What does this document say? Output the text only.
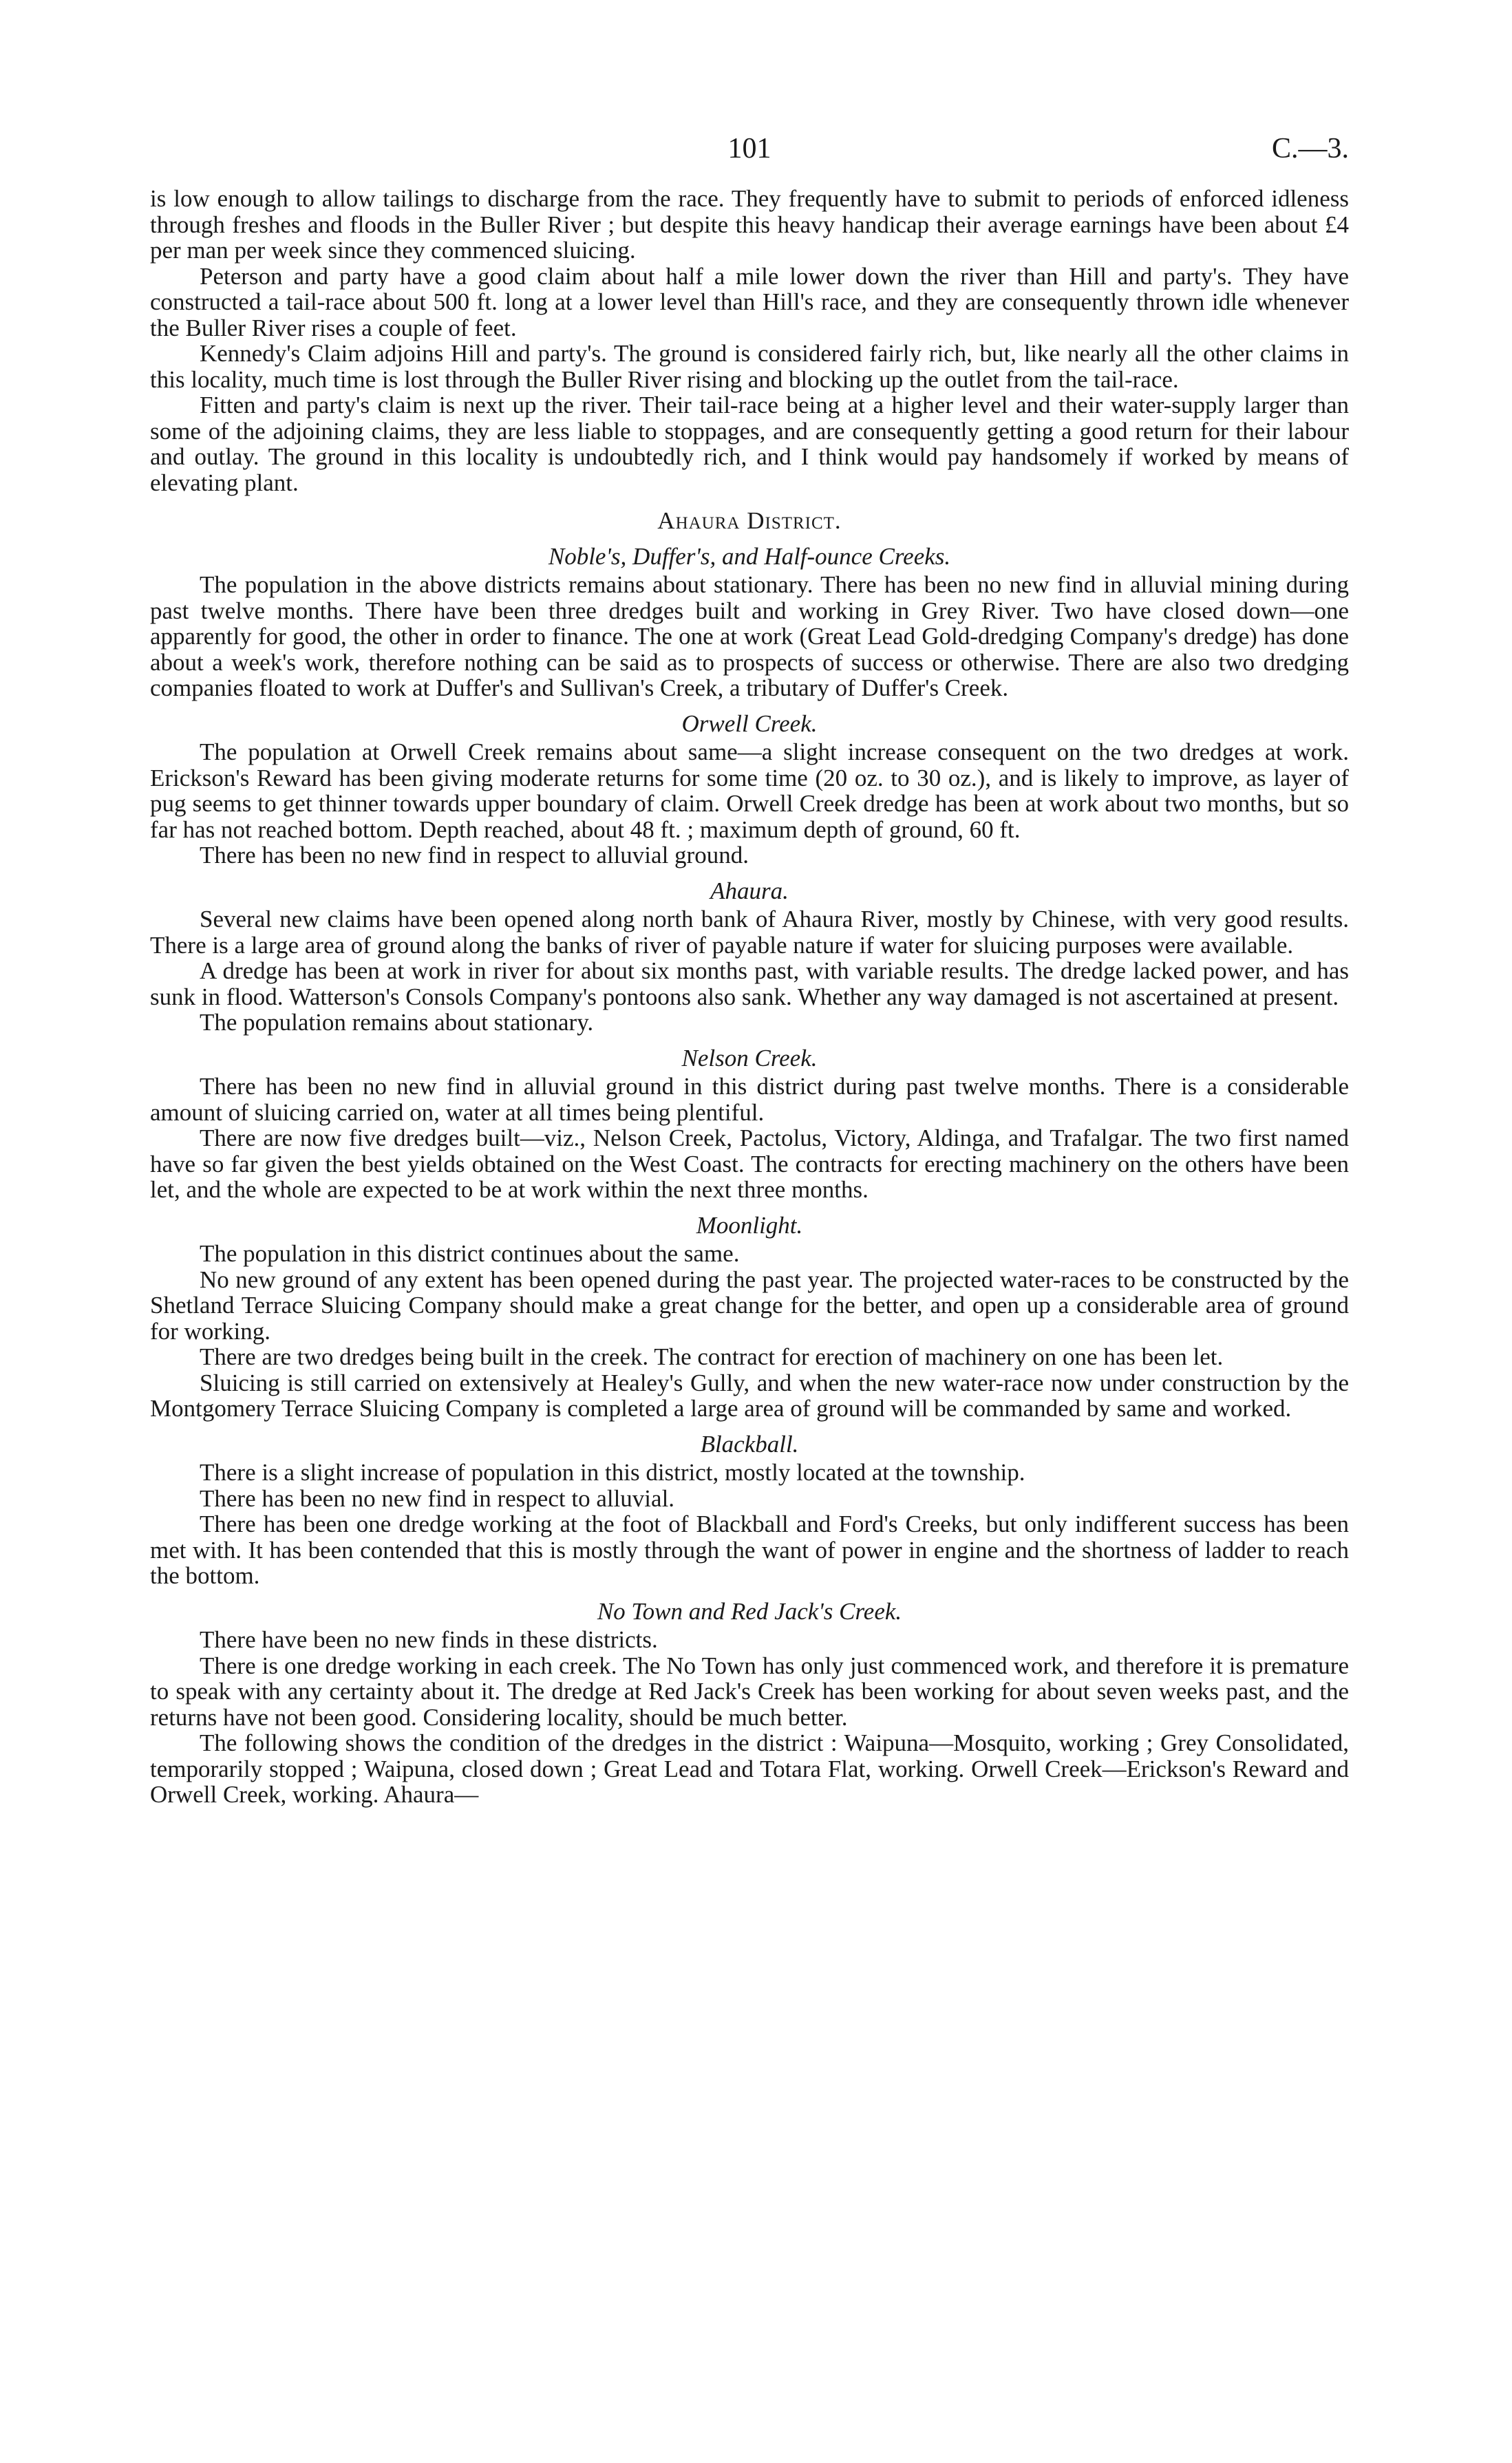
101	C.—3.

is low enough to allow tailings to discharge from the race. They frequently have to submit to periods of enforced idleness through freshes and floods in the Buller River ; but despite this heavy handicap their average earnings have been about £4 per man per week since they commenced sluicing.

Peterson and party have a good claim about half a mile lower down the river than Hill and party's. They have constructed a tail-race about 500 ft. long at a lower level than Hill's race, and they are consequently thrown idle whenever the Buller River rises a couple of feet.

Kennedy's Claim adjoins Hill and party's. The ground is considered fairly rich, but, like nearly all the other claims in this locality, much time is lost through the Buller River rising and blocking up the outlet from the tail-race.

Fitten and party's claim is next up the river. Their tail-race being at a higher level and their water-supply larger than some of the adjoining claims, they are less liable to stoppages, and are consequently getting a good return for their labour and outlay. The ground in this locality is undoubtedly rich, and I think would pay handsomely if worked by means of elevating plant.

Ahaura District.
Noble's, Duffer's, and Half-ounce Creeks.

The population in the above districts remains about stationary. There has been no new find in alluvial mining during past twelve months. There have been three dredges built and working in Grey River. Two have closed down—one apparently for good, the other in order to finance. The one at work (Great Lead Gold-dredging Company's dredge) has done about a week's work, therefore nothing can be said as to prospects of success or otherwise. There are also two dredging companies floated to work at Duffer's and Sullivan's Creek, a tributary of Duffer's Creek.

Orwell Creek.

The population at Orwell Creek remains about same—a slight increase consequent on the two dredges at work. Erickson's Reward has been giving moderate returns for some time (20 oz. to 30 oz.), and is likely to improve, as layer of pug seems to get thinner towards upper boundary of claim. Orwell Creek dredge has been at work about two months, but so far has not reached bottom. Depth reached, about 48 ft. ; maximum depth of ground, 60 ft.

There has been no new find in respect to alluvial ground.

Ahaura.

Several new claims have been opened along north bank of Ahaura River, mostly by Chinese, with very good results. There is a large area of ground along the banks of river of payable nature if water for sluicing purposes were available.

A dredge has been at work in river for about six months past, with variable results. The dredge lacked power, and has sunk in flood. Watterson's Consols Company's pontoons also sank. Whether any way damaged is not ascertained at present.

The population remains about stationary.

Nelson Creek.

There has been no new find in alluvial ground in this district during past twelve months. There is a considerable amount of sluicing carried on, water at all times being plentiful.

There are now five dredges built—viz., Nelson Creek, Pactolus, Victory, Aldinga, and Trafalgar. The two first named have so far given the best yields obtained on the West Coast. The contracts for erecting machinery on the others have been let, and the whole are expected to be at work within the next three months.

Moonlight.

The population in this district continues about the same.

No new ground of any extent has been opened during the past year. The projected water-races to be constructed by the Shetland Terrace Sluicing Company should make a great change for the better, and open up a considerable area of ground for working.

There are two dredges being built in the creek. The contract for erection of machinery on one has been let.

Sluicing is still carried on extensively at Healey's Gully, and when the new water-race now under construction by the Montgomery Terrace Sluicing Company is completed a large area of ground will be commanded by same and worked.

Blackball.

There is a slight increase of population in this district, mostly located at the township.

There has been no new find in respect to alluvial.

There has been one dredge working at the foot of Blackball and Ford's Creeks, but only indifferent success has been met with. It has been contended that this is mostly through the want of power in engine and the shortness of ladder to reach the bottom.

No Town and Red Jack's Creek.

There have been no new finds in these districts.

There is one dredge working in each creek. The No Town has only just commenced work, and therefore it is premature to speak with any certainty about it. The dredge at Red Jack's Creek has been working for about seven weeks past, and the returns have not been good. Considering locality, should be much better.

The following shows the condition of the dredges in the district : Waipuna—Mosquito, working ; Grey Consolidated, temporarily stopped ; Waipuna, closed down ; Great Lead and Totara Flat, working. Orwell Creek—Erickson's Reward and Orwell Creek, working. Ahaura—
